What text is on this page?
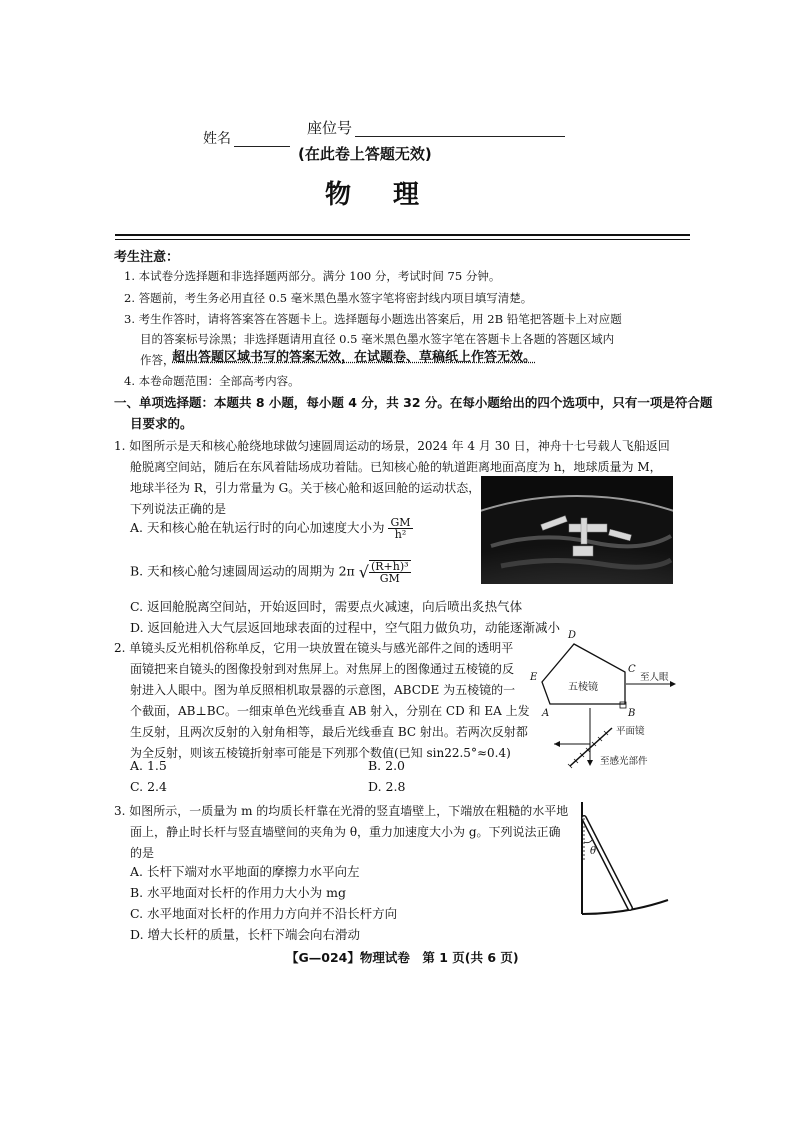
姓名
座位号
(在此卷上答题无效)
物　理
考生注意：
1. 本试卷分选择题和非选择题两部分。满分 100 分，考试时间 75 分钟。
2. 答题前，考生务必用直径 0.5 毫米黑色墨水签字笔将密封线内项目填写清楚。
3. 考生作答时，请将答案答在答题卡上。选择题每小题选出答案后，用 2B 铅笔把答题卡上对应题
目的答案标号涂黑；非选择题请用直径 0.5 毫米黑色墨水签字笔在答题卡上各题的答题区域内
作答，
超出答题区域书写的答案无效，在试题卷、草稿纸上作答无效。
4. 本卷命题范围：全部高考内容。
一、单项选择题：本题共 8 小题，每小题 4 分，共 32 分。在每小题给出的四个选项中，只有一项是符合题
目要求的。
1. 如图所示是天和核心舱绕地球做匀速圆周运动的场景，2024 年 4 月 30 日，神舟十七号载人飞船返回
舱脱离空间站，随后在东风着陆场成功着陆。已知核心舱的轨道距离地面高度为 h，地球质量为 M，
地球半径为 R，引力常量为 G。关于核心舱和返回舱的运动状态，
下列说法正确的是
A. 天和核心舱在轨运行时的向心加速度大小为 $\frac{GM}{\text{h²}}$
B. 天和核心舱匀速圆周运动的周期为 2π √ $\frac{\text{(R+h)³}}{GM}$
C. 返回舱脱离空间站，开始返回时，需要点火减速，向后喷出炙热气体
D. 返回舱进入大气层返回地球表面的过程中，空气阻力做负功，动能逐渐减小
2. 单镜头反光相机俗称单反，它用一块放置在镜头与感光部件之间的透明平
面镜把来自镜头的图像投射到对焦屏上。对焦屏上的图像通过五棱镜的反
射进入人眼中。图为单反照相机取景器的示意图，ABCDE 为五棱镜的一
个截面，AB⊥BC。一细束单色光线垂直 AB 射入，分别在 CD 和 EA 上发
生反射，且两次反射的入射角相等，最后光线垂直 BC 射出。若两次反射都
为全反射，则该五棱镜折射率可能是下列那个数值(已知 sin22.5°≈0.4)
A. 1.5	B. 2.0
C. 2.4	D. 2.8
D
C
E
A	B
五棱镜
至人眼
平面镜
至感光部件
3. 如图所示，一质量为 m 的均质长杆靠在光滑的竖直墙壁上，下端放在粗糙的水平地
面上，静止时长杆与竖直墙壁间的夹角为 θ，重力加速度大小为 g。下列说法正确
的是
A. 长杆下端对水平地面的摩擦力水平向左
B. 水平地面对长杆的作用力大小为 mg
C. 水平地面对长杆的作用力方向并不沿长杆方向
D. 增大长杆的质量，长杆下端会向右滑动
θ
【G—024】物理试卷　第 1 页(共 6 页)
